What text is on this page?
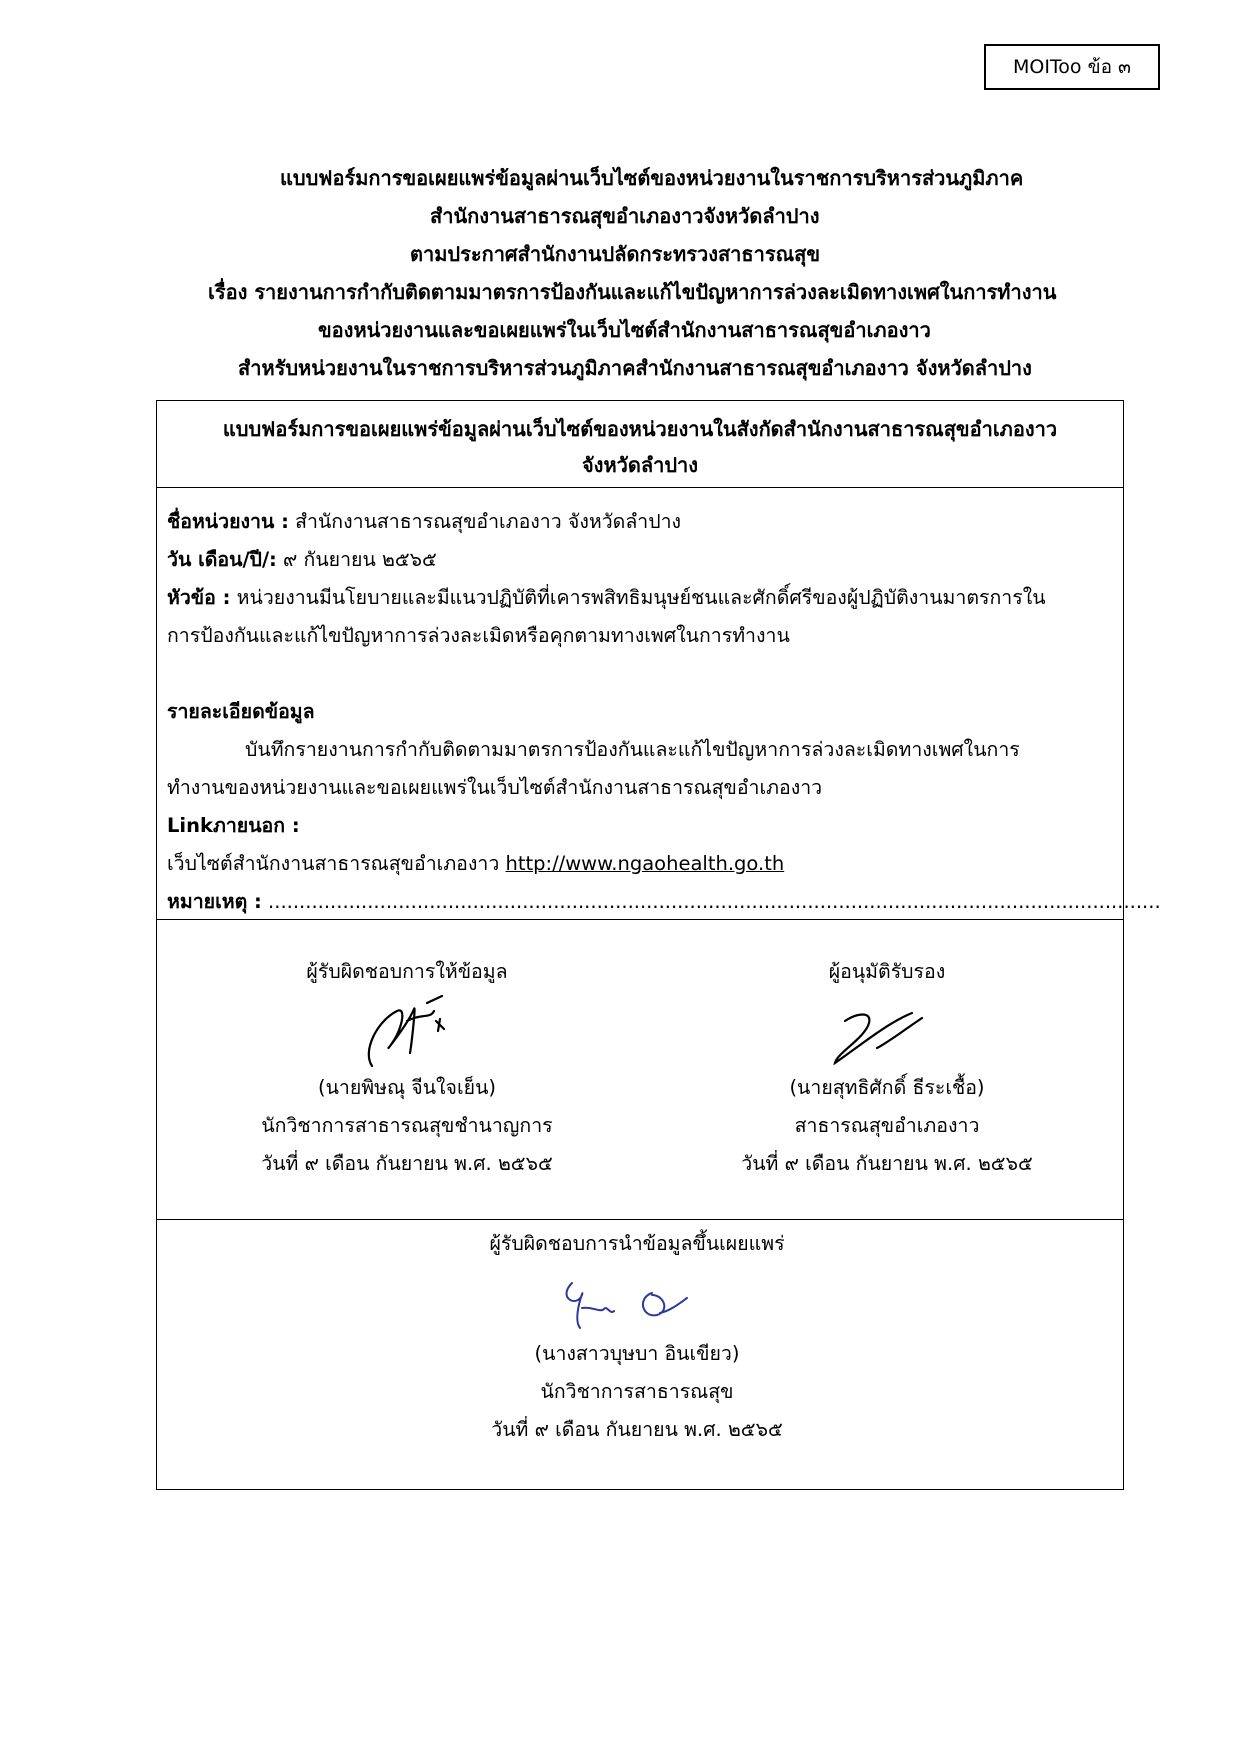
MOIToo ข้อ ๓
แบบฟอร์มการขอเผยแพร่ข้อมูลผ่านเว็บไซต์ของหน่วยงานในราชการบริหารส่วนภูมิภาค
สำนักงานสาธารณสุขอำเภองาวจังหวัดลำปาง
ตามประกาศสำนักงานปลัดกระทรวงสาธารณสุข
เรื่อง รายงานการกำกับติดตามมาตรการป้องกันและแก้ไขปัญหาการล่วงละเมิดทางเพศในการทำงาน
ของหน่วยงานและขอเผยแพร่ในเว็บไซต์สำนักงานสาธารณสุขอำเภองาว
สำหรับหน่วยงานในราชการบริหารส่วนภูมิภาคสำนักงานสาธารณสุขอำเภองาว จังหวัดลำปาง
แบบฟอร์มการขอเผยแพร่ข้อมูลผ่านเว็บไซต์ของหน่วยงานในสังกัดสำนักงานสาธารณสุขอำเภองาว
จังหวัดลำปาง
ชื่อหน่วยงาน : สำนักงานสาธารณสุขอำเภองาว จังหวัดลำปาง
วัน เดือน/ปี/: ๙ กันยายน ๒๕๖๕
หัวข้อ : หน่วยงานมีนโยบายและมีแนวปฏิบัติที่เคารพสิทธิมนุษย์ชนและศักดิ์ศรีของผู้ปฏิบัติงานมาตรการใน
การป้องกันและแก้ไขปัญหาการล่วงละเมิดหรือคุกตามทางเพศในการทำงาน
รายละเอียดข้อมูล
บันทึกรายงานการกำกับติดตามมาตรการป้องกันและแก้ไขปัญหาการล่วงละเมิดทางเพศในการ
ทำงานของหน่วยงานและขอเผยแพร่ในเว็บไซต์สำนักงานสาธารณสุขอำเภองาว
Linkภายนอก :
เว็บไซต์สำนักงานสาธารณสุขอำเภองาว http://www.ngaohealth.go.th
หมายเหตุ : ................................................................................................................................................
ผู้รับผิดชอบการให้ข้อมูล
(นายพิษณุ จีนใจเย็น)
นักวิชาการสาธารณสุขชำนาญการ
วันที่ ๙ เดือน กันยายน พ.ศ. ๒๕๖๕
ผู้อนุมัติรับรอง
(นายสุทธิศักดิ์ ธีระเชื้อ)
สาธารณสุขอำเภองาว
วันที่ ๙ เดือน กันยายน พ.ศ. ๒๕๖๕
ผู้รับผิดชอบการนำข้อมูลขึ้นเผยแพร่
(นางสาวบุษบา อินเขียว)
นักวิชาการสาธารณสุข
วันที่ ๙ เดือน กันยายน พ.ศ. ๒๕๖๕
